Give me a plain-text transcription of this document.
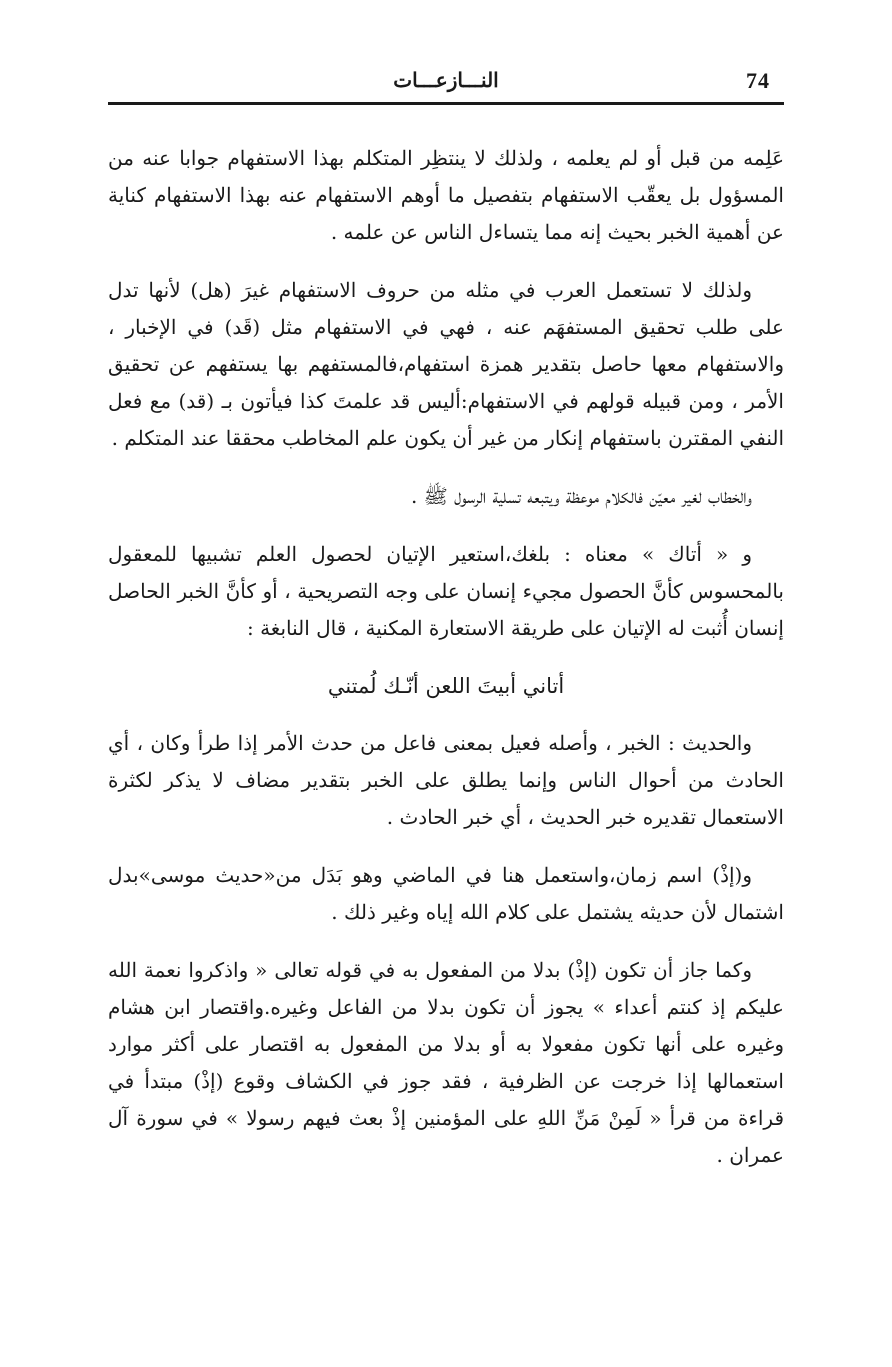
74
النـــازعـــات

عَلِمه من قبل أو لم يعلمه ، ولذلك لا ينتظِر المتكلم بهذا الاستفهام جوابا عنه من المسؤول بل يعقّب الاستفهام بتفصيل ما أوهم الاستفهام عنه بهذا الاستفهام كناية عن أهمية الخبر بحيث إنه مما يتساءل الناس عن علمه .

ولذلك لا تستعمل العرب في مثله من حروف الاستفهام غيرَ (هل) لأنها تدل على طلب تحقيق المستفهَم عنه ، فهي في الاستفهام مثل (قَد) في الإخبار ، والاستفهام معها حاصل بتقدير همزة استفهام،فالمستفهم بها يستفهم عن تحقيق الأمر ، ومن قبيله قولهم في الاستفهام:أليس قد علمتَ كذا فيأتون بـ (قد) مع فعل النفي المقترن باستفهام إنكار من غير أن يكون علم المخاطب محققا عند المتكلم .

والخطاب لغير معيّن فالكلام موعظة ويتبعه تسلية الرسول ﷺ .

و « أتاك » معناه : بلغك،استعير الإتيان لحصول العلم تشبيها للمعقول بالمحسوس كأنَّ الحصول مجيء إنسان على وجه التصريحية ، أو كأنَّ الخبر الحاصل إنسان أُثبت له الإتيان على طريقة الاستعارة المكنية ، قال النابغة :

أتاني أبيتَ اللعن أنّـك لُمتني

والحديث : الخبر ، وأصله فعيل بمعنى فاعل من حدث الأمر إذا طرأ وكان ، أي الحادث من أحوال الناس وإنما يطلق على الخبر بتقدير مضاف لا يذكر لكثرة الاستعمال تقديره خبر الحديث ، أي خبر الحادث .

و(إذْ) اسم زمان،واستعمل هنا في الماضي وهو بَدَل من«حديث موسى»بدل اشتمال لأن حديثه يشتمل على كلام الله إياه وغير ذلك .

وكما جاز أن تكون (إذْ) بدلا من المفعول به في قوله تعالى « واذكروا نعمة الله عليكم إذ كنتم أعداء » يجوز أن تكون بدلا من الفاعل وغيره.واقتصار ابن هشام وغيره على أنها تكون مفعولا به أو بدلا من المفعول به اقتصار على أكثر موارد استعمالها إذا خرجت عن الظرفية ، فقد جوز في الكشاف وقوع (إذْ) مبتدأ في قراءة من قرأ « لَمِنْ مَنِّ اللهِ على المؤمنين إذْ بعث فيهم رسولا » في سورة آل عمران .
